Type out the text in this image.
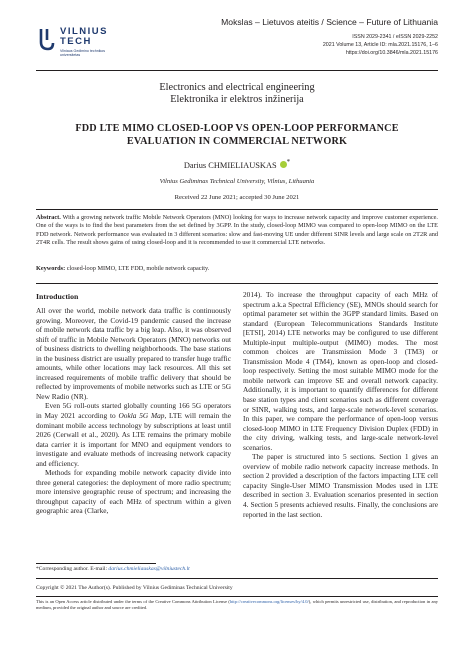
VILNIUS
TECH
Vilniaus Gedimino technikos universitetas
Mokslas – Lietuvos ateitis / Science – Future of Lithuania
ISSN 2029-2341 / eISSN 2029-2252
2021 Volume 13, Article ID: mla.2021.15176, 1–6
https://doi.org/10.3846/mla.2021.15176
Electronics and electrical engineering
Elektronika ir elektros inžinerija
FDD LTE MIMO CLOSED-LOOP VS OPEN-LOOP PERFORMANCE
EVALUATION IN COMMERCIAL NETWORK
Darius CHMIELIAUSKAS *
Vilnius Gediminas Technical University, Vilnius, Lithuania
Received 22 June 2021; accepted 30 June 2021
Abstract. With a growing network traffic Mobile Network Operators (MNO) looking for ways to increase network capacity and improve customer experience. One of the ways is to find the best parameters from the set defined by 3GPP. In the study, closed-loop MIMO was compared to open-loop MIMO on the LTE FDD network. Network performance was evaluated in 3 different scenarios: slow and fast-moving UE under different SINR levels and large scale on 2T2R and 2T4R cells. The result shows gains of using closed-loop and it is recommended to use it commercial LTE networks.
Keywords: closed-loop MIMO, LTE FDD, mobile network capacity.
Introduction

All over the world, mobile network data traffic is continuously growing. Moreover, the Covid-19 pandemic caused the increase of mobile network data traffic by a big leap. Also, it was observed shift of traffic in Mobile Network Operators (MNO) networks out of business districts to dwelling neighborhoods. The base stations in the business district are usually prepared to transfer huge traffic amounts, while other locations may lack resources. All this set increased requirements of mobile traffic delivery that should be reflected by improvements of mobile networks such as LTE or 5G New Radio (NR).

Even 5G roll-outs started globally counting 166 5G operators in May 2021 according to Ookla 5G Map, LTE will remain the dominant mobile access technology by subscriptions at least until 2026 (Cerwall et al., 2020). As LTE remains the primary mobile data carrier it is important for MNO and equipment vendors to investigate and evaluate methods of increasing network capacity and efficiency.

Methods for expanding mobile network capacity divide into three general categories: the deployment of more radio spectrum; more intensive geographic reuse of spectrum; and increasing the throughput capacity of each MHz of spectrum within a given geographic area (Clarke,

2014). To increase the throughput capacity of each MHz of spectrum a.k.a Spectral Efficiency (SE), MNOs should search for optimal parameter set within the 3GPP standard limits. Based on standard (European Telecommunications Standards Institute [ETSI], 2014) LTE networks may be configured to use different Multiple-input multiple-output (MIMO) modes. The most common choices are Transmission Mode 3 (TM3) or Transmission Mode 4 (TM4), known as open-loop and closed-loop respectively. Setting the most suitable MIMO mode for the mobile network can improve SE and overall network capacity. Additionally, it is important to quantify differences for different base station types and client scenarios such as different coverage or SINR, walking tests, and large-scale network-level scenarios. In this paper, we compare the performance of open-loop versus closed-loop MIMO in LTE Frequency Division Duplex (FDD) in the city driving, walking tests, and large-scale network-level scenarios.

The paper is structured into 5 sections. Section 1 gives an overview of mobile radio network capacity increase methods. In section 2 provided a description of the factors impacting LTE cell capacity Single-User MIMO Transmission Modes used in LTE described in section 3. Evaluation scenarios presented in section 4. Section 5 presents achieved results. Finally, the conclusions are reported in the last section.

*Corresponding author. E-mail: darius.chmieliauskas@vilniustech.lt
Copyright © 2021 The Author(s). Published by Vilnius Gediminas Technical University
This is an Open Access article distributed under the terms of the Creative Commons Attribution License (http://creativecommons.org/licenses/by/4.0/), which permits unrestricted use, distribution, and reproduction in any medium, provided the original author and source are credited.
